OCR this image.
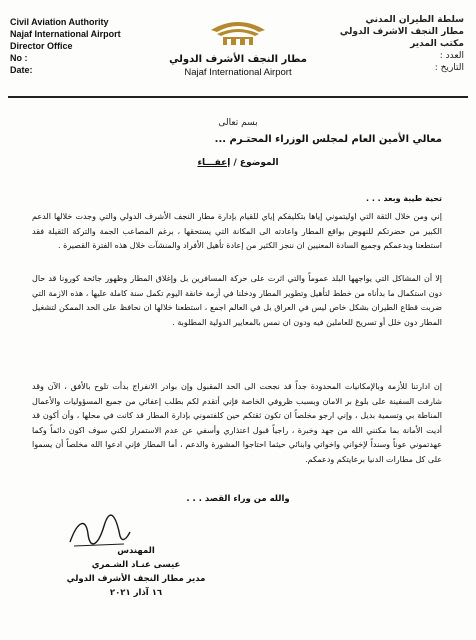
Civil Aviation Authority
Najaf International Airport
Director Office
No :
Date:
مطار النجف الأشرف الدولي
Najaf International Airport
سلطة الطيران المدني
مطار النجف الاشرف الدولي
مكتب المدير
العدد :
التاريخ :
بسم تعالى
معالي الأمين العام لمجلس الوزراء المحتـرم ...
الموضوع / إعفـــاء
تحية طيبة وبعد . . .
إني ومن خلال الثقة التي اوليتموني إياها بتكليفكم إياي للقيام بإدارة مطار النجف الأشرف الدولي والتي وجدت خلالها الدعم الكبير من حضرتكم للنهوض بواقع المطار واعادته الى المكانة التي يستحقها ، برغم المصاعب الجمة والتركة الثقيلة فقد استطعنا وبدعمكم وجميع السادة المعنيين ان ننجز الكثير من إعادة تأهيل الأفراد والمنشآت خلال هذه الفترة القصيرة .
إلا أن المشاكل التي يواجهها البلد عموماً والتي اثرت على حركة المسافرين بل وإغلاق المطار وظهور جائحة كورونا قد حال دون استكمال ما بدأناه من خطط لتأهيل وتطوير المطار ودخلنا في أزمة خانقة اليوم تكمل سنة كاملة عليها ، هذه الازمة التي ضربت قطاع الطيران بشكل خاص ليس في العراق بل في العالم اجمع ، استطعنا خلالها ان نحافظ على الحد الممكن لتشغيل المطار دون خلل أو تسريح للعاملين فيه ودون ان نمس بالمعايير الدولية المطلوبة .
إن ادارتنا للأزمة وبالإمكانيات المحدودة جداً قد نجحت الى الحد المقبول وإن بوادر الانفراج بدأت تلوح بالأفق ، الآن وقد شارفت السفينة على بلوغ بر الامان وبسبب ظروفي الخاصة فإني أتقدم لكم بطلب إعفائي من جميع المسؤوليات والأعمال المناطة بي وتسمية بديل ، وإني ارجو مخلصاً ان تكون ثقتكم حين كلفتموني بإدارة المطار قد كانت في محلها ، وأن أكون قد أديت الأمانة بما مكنني الله من جهد وخبرة ، راجياً قبول اعتذاري وأسفي عن عدم الاستمرار لكني سوف اكون دائماً وكما عهدتموني عوناً وسنداً لإخواني واخواتي وابنائي حيثما احتاجوا المشورة والدعم ، أما المطار فإني ادعوا الله مخلصاً أن يسموا على كل مطارات الدنيا برعايتكم ودعمكم.
والله من وراء القصد . . .
المهندس
عيسى عنـاد الشـمري
مدير مطار النجف الأشرف الدولي
١٦ آذار ٢٠٢١
